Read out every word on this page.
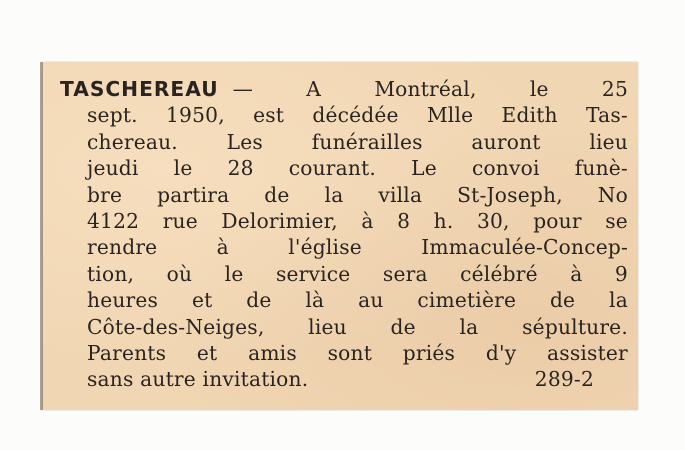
TASCHEREAU —	A	Montréal,	le	25
sept. 1950, est décédée Mlle Edith Tas-
chereau. Les funérailles auront lieu
jeudi le 28 courant. Le convoi funè-
bre partira de la villa St-Joseph, No
4122 rue Delorimier, à 8 h. 30, pour se
rendre	à	l'église	Immaculée-Concep-
tion, où le service sera célébré à 9
heures et de là au cimetière de la
Côte-des-Neiges, lieu de la sépulture.
Parents et amis sont priés d'y assister
sans autre invitation.	289-2
